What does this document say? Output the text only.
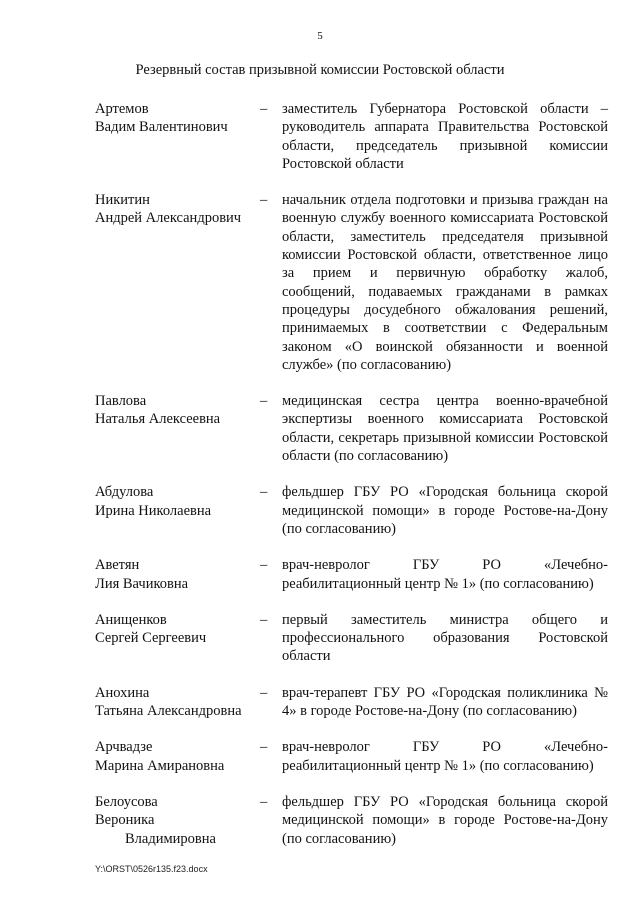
5
Резервный состав призывной комиссии Ростовской области
Артемов
Вадим Валентинович
–	заместитель Губернатора Ростовской области – руководитель аппарата Правительства Ростовской области, председатель призывной комиссии Ростовской области
Никитин
Андрей Александрович
–	начальник отдела подготовки и призыва граждан на военную службу военного комиссариата Ростовской области, заместитель председателя призывной комиссии Ростовской области, ответственное лицо за прием и первичную обработку жалоб, сообщений, подаваемых гражданами в рамках процедуры досудебного обжалования решений, принимаемых в соответствии с Федеральным законом «О воинской обязанности и военной службе» (по согласованию)
Павлова
Наталья Алексеевна
–	медицинская сестра центра военно-врачебной экспертизы военного комиссариата Ростовской области, секретарь призывной комиссии Ростовской области (по согласованию)
Абдулова
Ирина Николаевна
–	фельдшер ГБУ РО «Городская больница скорой медицинской помощи» в городе Ростове-на-Дону (по согласованию)
Аветян
Лия Вачиковна
–	врач-невролог ГБУ РО «Лечебно-реабилитационный центр № 1» (по согласованию)
Анищенков
Сергей Сергеевич
–	первый заместитель министра общего и профессионального образования Ростовской области
Анохина
Татьяна Александровна
–	врач-терапевт ГБУ РО «Городская поликлиника № 4» в городе Ростове-на-Дону (по согласованию)
Арчвадзе
Марина Амирановна
–	врач-невролог ГБУ РО «Лечебно-реабилитационный центр № 1» (по согласованию)
Белоусова
Вероника
Владимировна
–	фельдшер ГБУ РО «Городская больница скорой медицинской помощи» в городе Ростове-на-Дону (по согласованию)
Y:\ORST\0526r135.f23.docx
